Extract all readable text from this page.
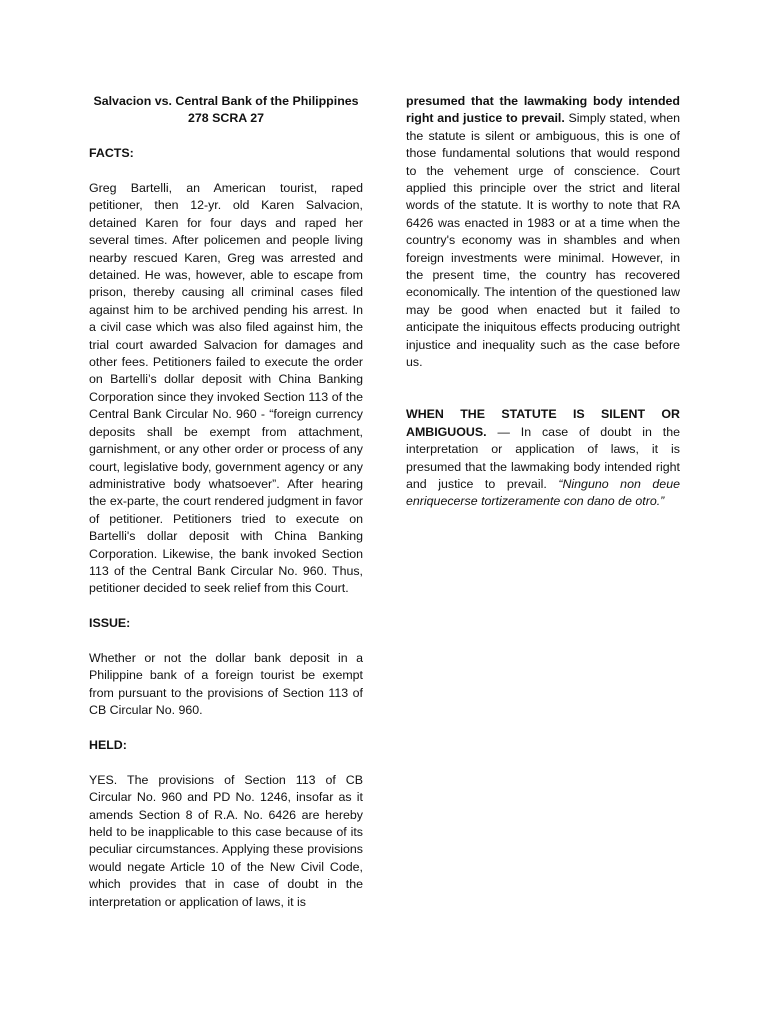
Salvacion vs. Central Bank of the Philippines

278 SCRA 27

FACTS:

Greg Bartelli, an American tourist, raped petitioner, then 12-yr. old Karen Salvacion, detained Karen for four days and raped her several times. After policemen and people living nearby rescued Karen, Greg was arrested and detained. He was, however, able to escape from prison, thereby causing all criminal cases filed against him to be archived pending his arrest. In a civil case which was also filed against him, the trial court awarded Salvacion for damages and other fees. Petitioners failed to execute the order on Bartelli’s dollar deposit with China Banking Corporation since they invoked Section 113 of the Central Bank Circular No. 960 - “foreign currency deposits shall be exempt from attachment, garnishment, or any other order or process of any court, legislative body, government agency or any administrative body whatsoever”. After hearing the ex-parte, the court rendered judgment in favor of petitioner. Petitioners tried to execute on Bartelli's dollar deposit with China Banking Corporation. Likewise, the bank invoked Section 113 of the Central Bank Circular No. 960. Thus, petitioner decided to seek relief from this Court.

ISSUE:

Whether or not the dollar bank deposit in a Philippine bank of a foreign tourist be exempt from pursuant to the provisions of Section 113 of CB Circular No. 960.

HELD:

YES. The provisions of Section 113 of CB Circular No. 960 and PD No. 1246, insofar as it amends Section 8 of R.A. No. 6426 are hereby held to be inapplicable to this case because of its peculiar circumstances. Applying these provisions would negate Article 10 of the New Civil Code, which provides that in case of doubt in the interpretation or application of laws, it is

presumed that the lawmaking body intended right and justice to prevail. Simply stated, when the statute is silent or ambiguous, this is one of those fundamental solutions that would respond to the vehement urge of conscience. Court applied this principle over the strict and literal words of the statute. It is worthy to note that RA 6426 was enacted in 1983 or at a time when the country's economy was in shambles and when foreign investments were minimal. However, in the present time, the country has recovered economically. The intention of the questioned law may be good when enacted but it failed to anticipate the iniquitous effects producing outright injustice and inequality such as the case before us.

WHEN THE STATUTE IS SILENT OR AMBIGUOUS. — In case of doubt in the interpretation or application of laws, it is presumed that the lawmaking body intended right and justice to prevail. “Ninguno non deue enriquecerse tortizeramente con dano de otro.”
